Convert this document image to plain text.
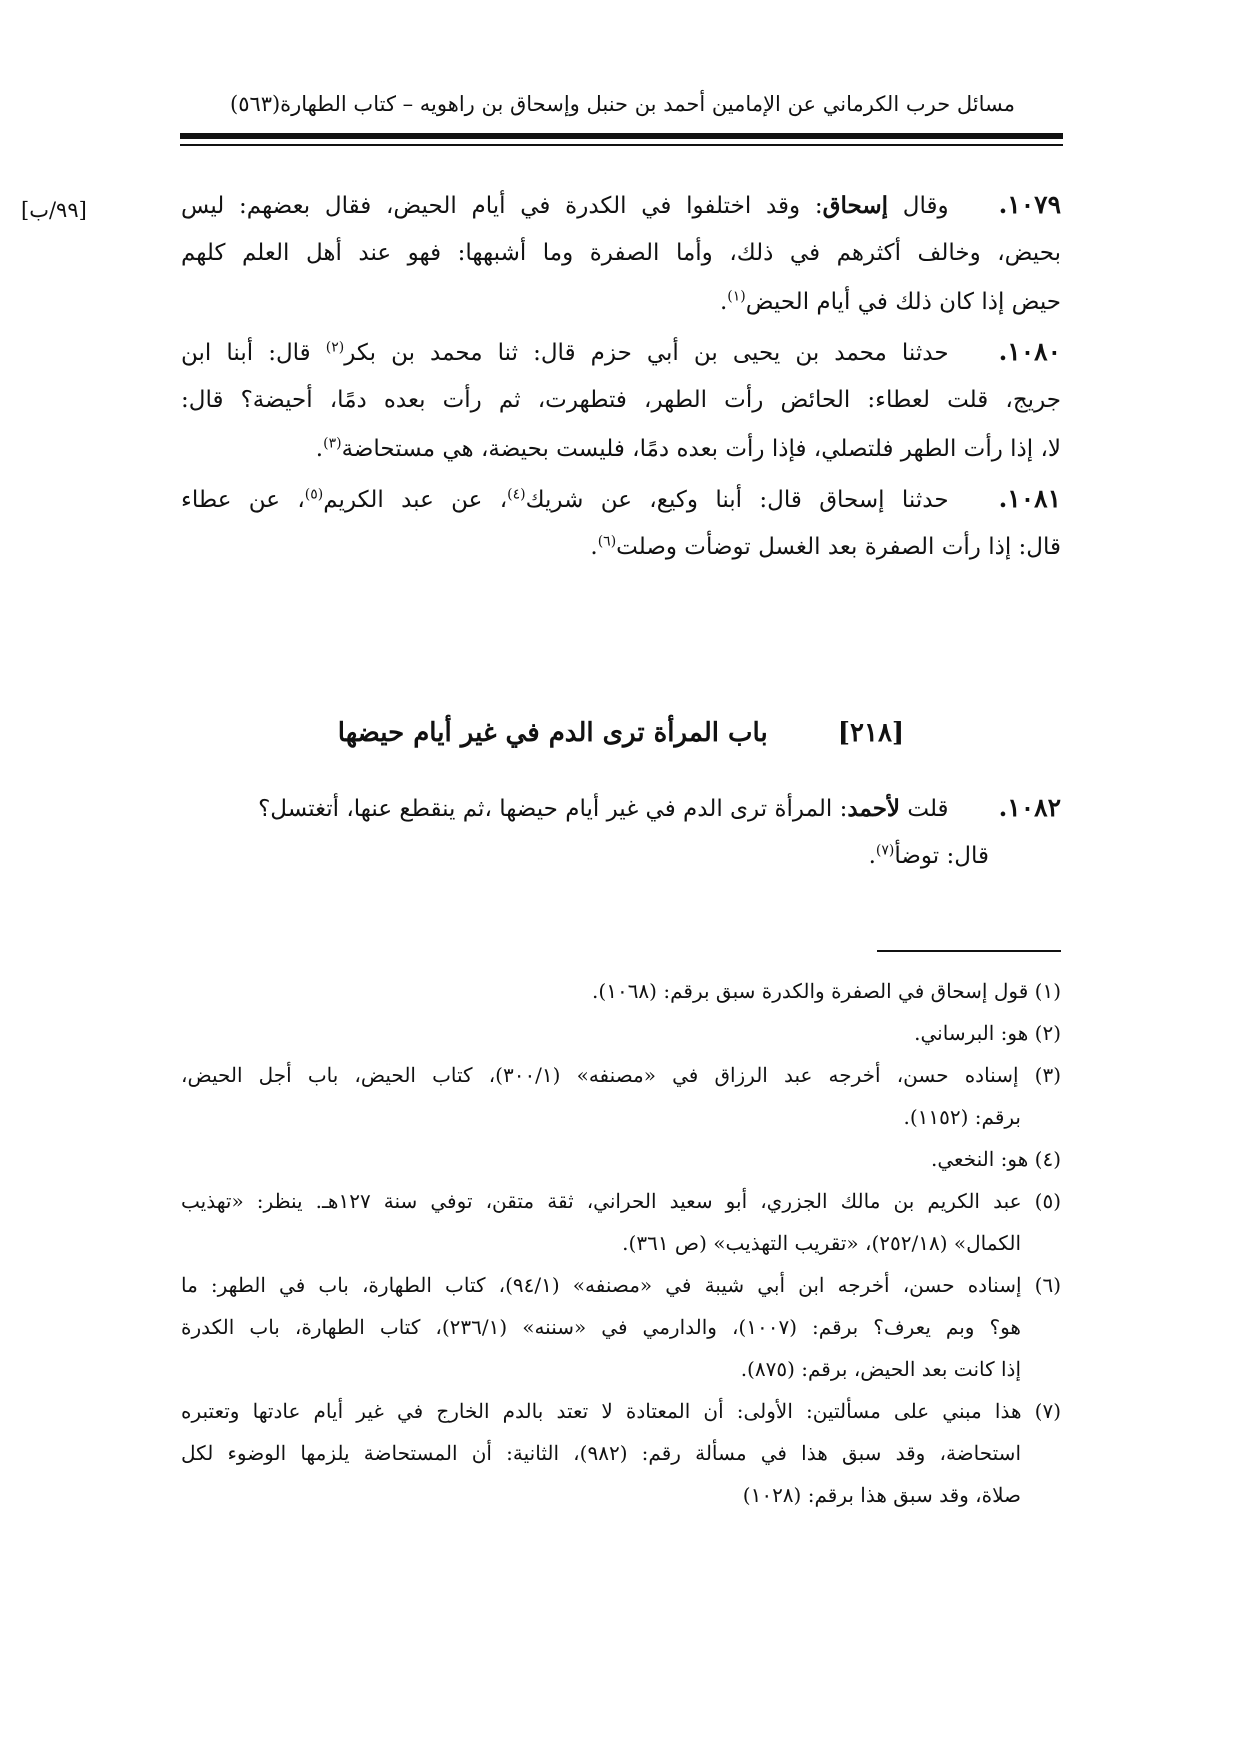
مسائل حرب الكرماني عن الإمامين أحمد بن حنبل وإسحاق بن راهويه – كتاب الطهارة
(٥٦٣)
[٩٩/ب]	١٠٧٩.وقال إسحاق: وقد اختلفوا في الكدرة في أيام الحيض، فقال بعضهم: ليس
بحيض، وخالف أكثرهم في ذلك، وأما الصفرة وما أشبهها: فهو عند أهل العلم كلهم
حيض إذا كان ذلك في أيام الحيض$^{(١)}$.
١٠٨٠.حدثنا محمد بن يحيى بن أبي حزم قال: ثنا محمد بن بكر$^{(٢)}$ قال: أبنا ابن
جريج، قلت لعطاء: الحائض رأت الطهر، فتطهرت، ثم رأت بعده دمًا، أحيضة؟ قال:
لا، إذا رأت الطهر فلتصلي، فإذا رأت بعده دمًا، فليست بحيضة، هي مستحاضة$^{(٣)}$.
١٠٨١.حدثنا إسحاق قال: أبنا وكيع، عن شريك$^{(٤)}$، عن عبد الكريم$^{(٥)}$، عن عطاء
قال: إذا رأت الصفرة بعد الغسل توضأت وصلت$^{(٦)}$.
[٢١٨]باب المرأة ترى الدم في غير أيام حيضها
١٠٨٢.قلت لأحمد: المرأة ترى الدم في غير أيام حيضها ،ثم ينقطع عنها، أتغتسل؟
قال: توضأ$^{(٧)}$.
(١) قول إسحاق في الصفرة والكدرة سبق برقم: (١٠٦٨).
(٢) هو: البرساني.
(٣) إسناده حسن، أخرجه عبد الرزاق في «مصنفه» (٣٠٠/١)، كتاب الحيض، باب أجل الحيض،
برقم: (١١٥٢).
(٤) هو: النخعي.
(٥) عبد الكريم بن مالك الجزري، أبو سعيد الحراني، ثقة متقن، توفي سنة ١٢٧هـ. ينظر: «تهذيب
الكمال» (٢٥٢/١٨)، «تقريب التهذيب» (ص ٣٦١).
(٦) إسناده حسن، أخرجه ابن أبي شيبة في «مصنفه» (٩٤/١)، كتاب الطهارة، باب في الطهر: ما
هو؟ وبم يعرف؟ برقم: (١٠٠٧)، والدارمي في «سننه» (٢٣٦/١)، كتاب الطهارة، باب الكدرة
إذا كانت بعد الحيض، برقم: (٨٧٥).
(٧) هذا مبني على مسألتين: الأولى: أن المعتادة لا تعتد بالدم الخارج في غير أيام عادتها وتعتبره
استحاضة، وقد سبق هذا في مسألة رقم: (٩٨٢)، الثانية: أن المستحاضة يلزمها الوضوء لكل
صلاة، وقد سبق هذا برقم: (١٠٢٨)
